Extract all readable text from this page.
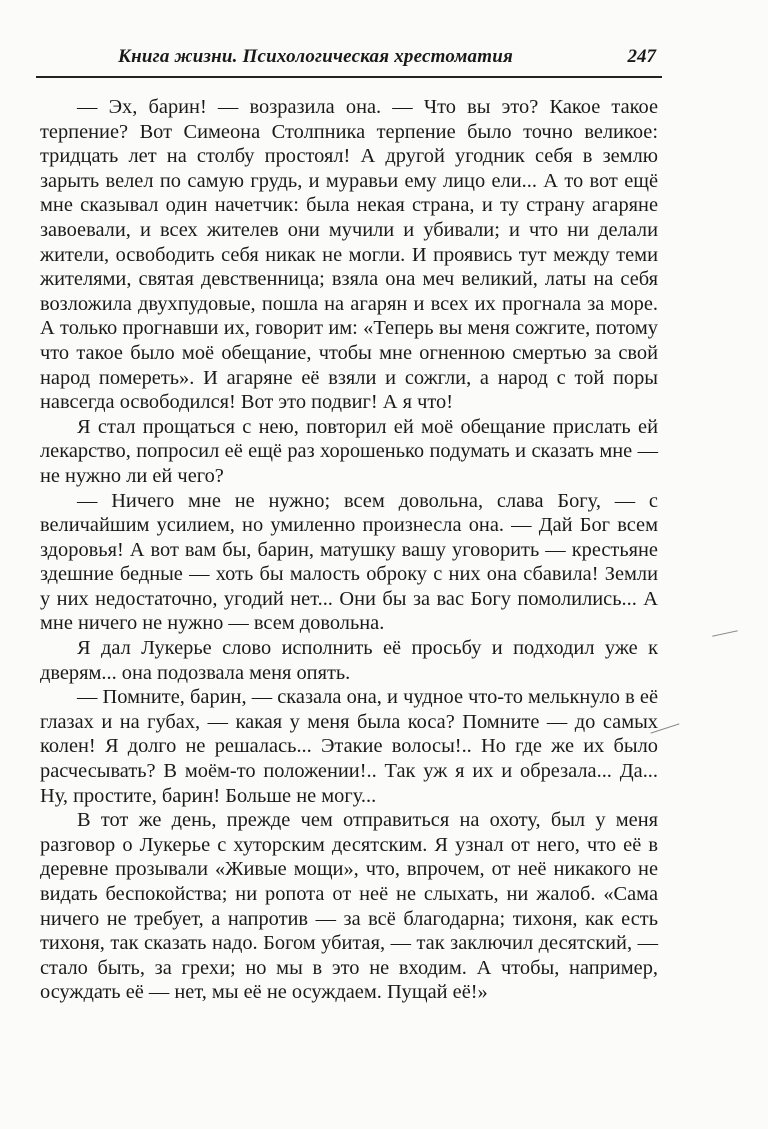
Книга жизни. Психологическая хрестоматия	247

— Эх, барин! — возразила она. — Что вы это? Какое такое терпение? Вот Симеона Столпника терпение было точно великое: тридцать лет на столбу простоял! А другой угодник себя в землю зарыть велел по самую грудь, и муравьи ему лицо ели... А то вот ещё мне сказывал один начетчик: была некая страна, и ту страну агаряне завоевали, и всех жителев они мучили и убивали; и что ни делали жители, освободить себя никак не могли. И проявись тут между теми жителями, святая девственница; взяла она меч великий, латы на себя возложила двухпудовые, пошла на агарян и всех их прогнала за море. А только прогнавши их, говорит им: «Теперь вы меня сожгите, потому что такое было моё обещание, чтобы мне огненною смертью за свой народ помереть». И агаряне её взяли и сожгли, а народ с той поры навсегда освободился! Вот это подвиг! А я что!

Я стал прощаться с нею, повторил ей моё обещание прислать ей лекарство, попросил её ещё раз хорошенько подумать и сказать мне — не нужно ли ей чего?

— Ничего мне не нужно; всем довольна, слава Богу, — с величайшим усилием, но умиленно произнесла она. — Дай Бог всем здоровья! А вот вам бы, барин, матушку вашу уговорить — крестьяне здешние бедные — хоть бы малость оброку с них она сбавила! Земли у них недостаточно, угодий нет... Они бы за вас Богу помолились... А мне ничего не нужно — всем довольна.

Я дал Лукерье слово исполнить её просьбу и подходил уже к дверям... она подозвала меня опять.

— Помните, барин, — сказала она, и чудное что-то мелькнуло в её глазах и на губах, — какая у меня была коса? Помните — до самых колен! Я долго не решалась... Этакие волосы!.. Но где же их было расчесывать? В моём-то положении!.. Так уж я их и обрезала... Да... Ну, простите, барин! Больше не могу...

В тот же день, прежде чем отправиться на охоту, был у меня разговор о Лукерье с хуторским десятским. Я узнал от него, что её в деревне прозывали «Живые мощи», что, впрочем, от неё никакого не видать беспокойства; ни ропота от неё не слыхать, ни жалоб. «Сама ничего не требует, а напротив — за всё благодарна; тихоня, как есть тихоня, так сказать надо. Богом убитая, — так заключил десятский, — стало быть, за грехи; но мы в это не входим. А чтобы, например, осуждать её — нет, мы её не осуждаем. Пущай её!»
